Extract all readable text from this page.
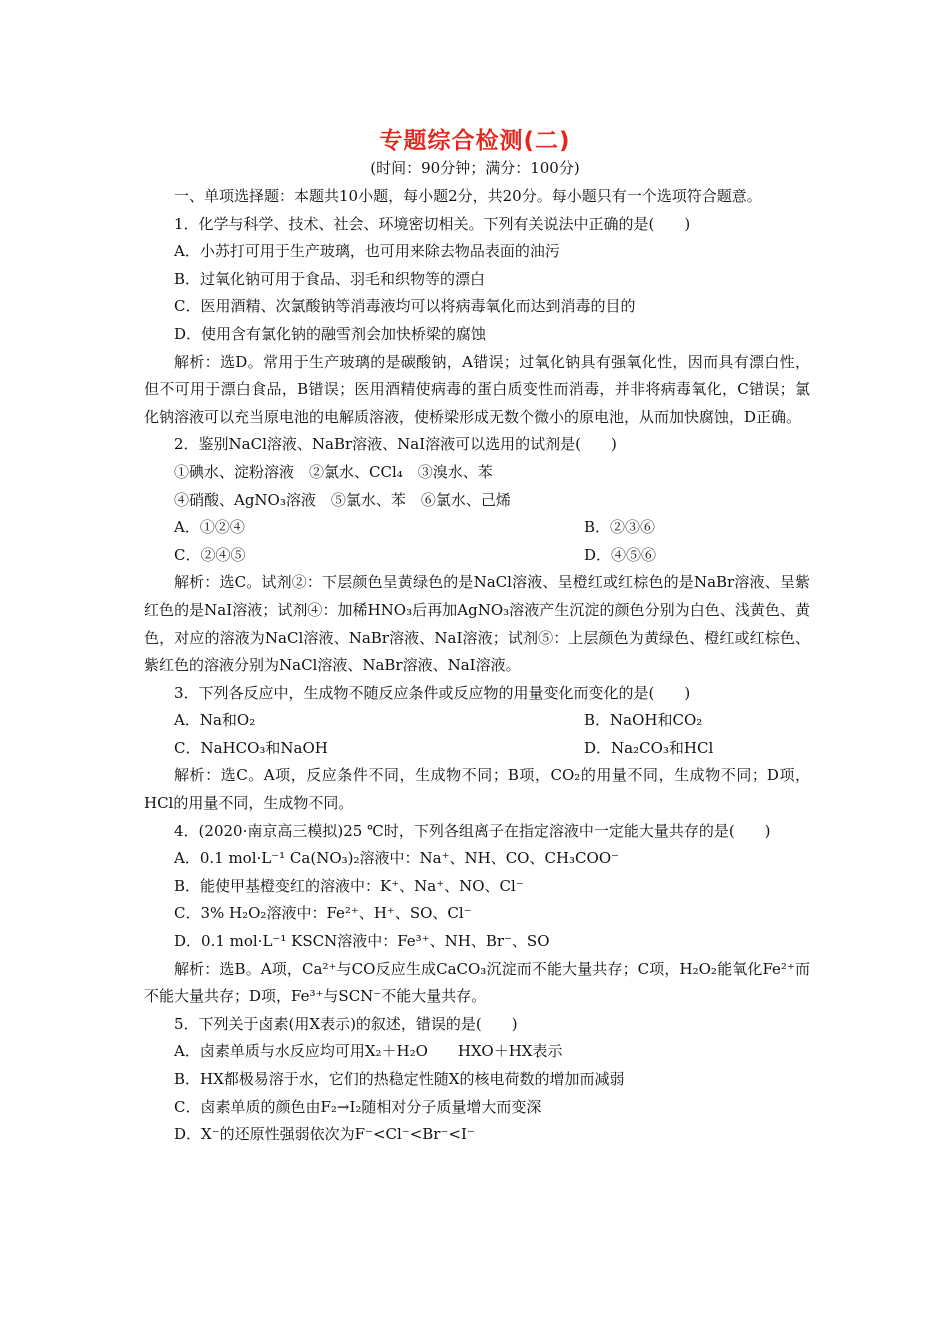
专题综合检测(二)
(时间：90分钟；满分：100分)
一、单项选择题：本题共10小题，每小题2分，共20分。每小题只有一个选项符合题意。
1．化学与科学、技术、社会、环境密切相关。下列有关说法中正确的是(　　)
A．小苏打可用于生产玻璃，也可用来除去物品表面的油污
B．过氧化钠可用于食品、羽毛和织物等的漂白
C．医用酒精、次氯酸钠等消毒液均可以将病毒氧化而达到消毒的目的
D．使用含有氯化钠的融雪剂会加快桥梁的腐蚀
解析：选D。常用于生产玻璃的是碳酸钠，A错误；过氧化钠具有强氧化性，因而具有漂白性，但不可用于漂白食品，B错误；医用酒精使病毒的蛋白质变性而消毒，并非将病毒氧化，C错误；氯化钠溶液可以充当原电池的电解质溶液，使桥梁形成无数个微小的原电池，从而加快腐蚀，D正确。
2．鉴别NaCl溶液、NaBr溶液、NaI溶液可以选用的试剂是(　　)
①碘水、淀粉溶液　②氯水、CCl₄　③溴水、苯
④硝酸、AgNO₃溶液　⑤氯水、苯　⑥氯水、己烯
A．①②④	B．②③⑥
C．②④⑤	D．④⑤⑥
解析：选C。试剂②：下层颜色呈黄绿色的是NaCl溶液、呈橙红或红棕色的是NaBr溶液、呈紫红色的是NaI溶液；试剂④：加稀HNO₃后再加AgNO₃溶液产生沉淀的颜色分别为白色、浅黄色、黄色，对应的溶液为NaCl溶液、NaBr溶液、NaI溶液；试剂⑤：上层颜色为黄绿色、橙红或红棕色、紫红色的溶液分别为NaCl溶液、NaBr溶液、NaI溶液。
3．下列各反应中，生成物不随反应条件或反应物的用量变化而变化的是(　　)
A．Na和O₂	B．NaOH和CO₂
C．NaHCO₃和NaOH	D．Na₂CO₃和HCl
解析：选C。A项，反应条件不同，生成物不同；B项，CO₂的用量不同，生成物不同；D项，HCl的用量不同，生成物不同。
4．(2020·南京高三模拟)25 ℃时，下列各组离子在指定溶液中一定能大量共存的是(　　)
A．0.1 mol·L⁻¹ Ca(NO₃)₂溶液中：Na⁺、NH、CO、CH₃COO⁻
B．能使甲基橙变红的溶液中：K⁺、Na⁺、NO、Cl⁻
C．3% H₂O₂溶液中：Fe²⁺、H⁺、SO、Cl⁻
D．0.1 mol·L⁻¹ KSCN溶液中：Fe³⁺、NH、Br⁻、SO
解析：选B。A项，Ca²⁺与CO反应生成CaCO₃沉淀而不能大量共存；C项，H₂O₂能氧化Fe²⁺而不能大量共存；D项，Fe³⁺与SCN⁻不能大量共存。
5．下列关于卤素(用X表示)的叙述，错误的是(　　)
A．卤素单质与水反应均可用X₂＋H₂O　　HXO＋HX表示
B．HX都极易溶于水，它们的热稳定性随X的核电荷数的增加而减弱
C．卤素单质的颜色由F₂→I₂随相对分子质量增大而变深
D．X⁻的还原性强弱依次为F⁻<Cl⁻<Br⁻<I⁻
